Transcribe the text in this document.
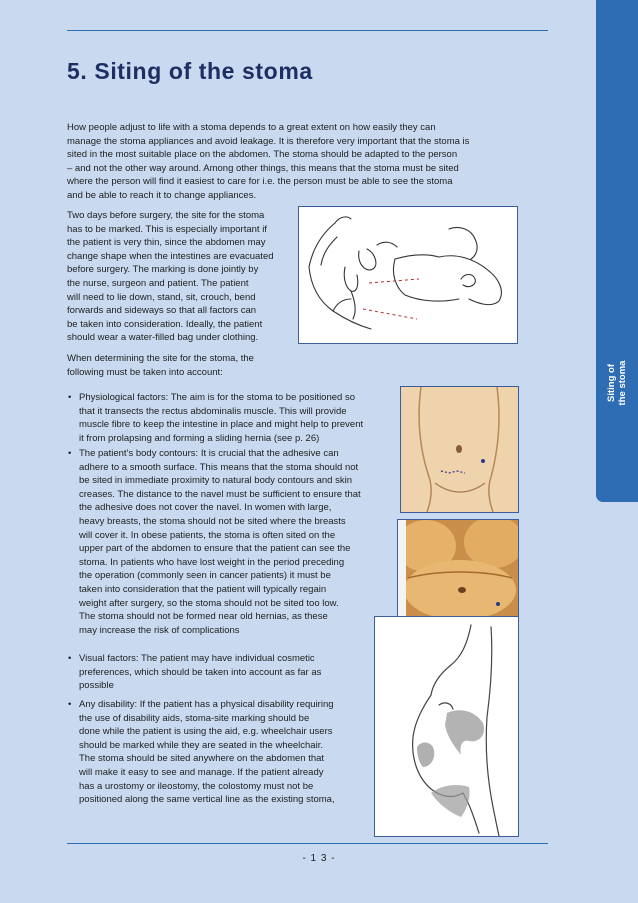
5. Siting of the stoma
Siting of the stoma
How people adjust to life with a stoma depends to a great extent on how easily they can
manage the stoma appliances and avoid leakage. It is therefore very important that the stoma is
sited in the most suitable place on the abdomen. The stoma should be adapted to the person
– and not the other way around. Among other things, this means that the stoma must be sited
where the person will find it easiest to care for i.e. the person must be able to see the stoma
and be able to reach it to change appliances.
Two days before surgery, the site for the stoma
has to be marked. This is especially important if
the patient is very thin, since the abdomen may
change shape when the intestines are evacuated
before surgery. The marking is done jointly by
the nurse, surgeon and patient. The patient
will need to lie down, stand, sit, crouch, bend
forwards and sideways so that all factors can
be taken into consideration. Ideally, the patient
should wear a water-filled bag under clothing.
When determining the site for the stoma, the
following must be taken into account:
• Physiological factors: The aim is for the stoma to be positioned so
that it transects the rectus abdominalis muscle. This will provide
muscle fibre to keep the intestine in place and might help to prevent
it from prolapsing and forming a sliding hernia (see p. 26)
• The patient’s body contours: It is crucial that the adhesive can
adhere to a smooth surface. This means that the stoma should not
be sited in immediate proximity to natural body contours and skin
creases. The distance to the navel must be sufficient to ensure that
the adhesive does not cover the navel. In women with large,
heavy breasts, the stoma should not be sited where the breasts
will cover it. In obese patients, the stoma is often sited on the
upper part of the abdomen to ensure that the patient can see the
stoma. In patients who have lost weight in the period preceding
the operation (commonly seen in cancer patients) it must be
taken into consideration that the patient will typically regain
weight after surgery, so the stoma should not be sited too low.
The stoma should not be formed near old hernias, as these
may increase the risk of complications
• Visual factors: The patient may have individual cosmetic
preferences, which should be taken into account as far as
possible
• Any disability: If the patient has a physical disability requiring
the use of disability aids, stoma-site marking should be
done while the patient is using the aid, e.g. wheelchair users
should be marked while they are seated in the wheelchair.
The stoma should be sited anywhere on the abdomen that
will make it easy to see and manage. If the patient already
has a urostomy or ileostomy, the colostomy must not be
positioned along the same vertical line as the existing stoma,
- 1 3 -
